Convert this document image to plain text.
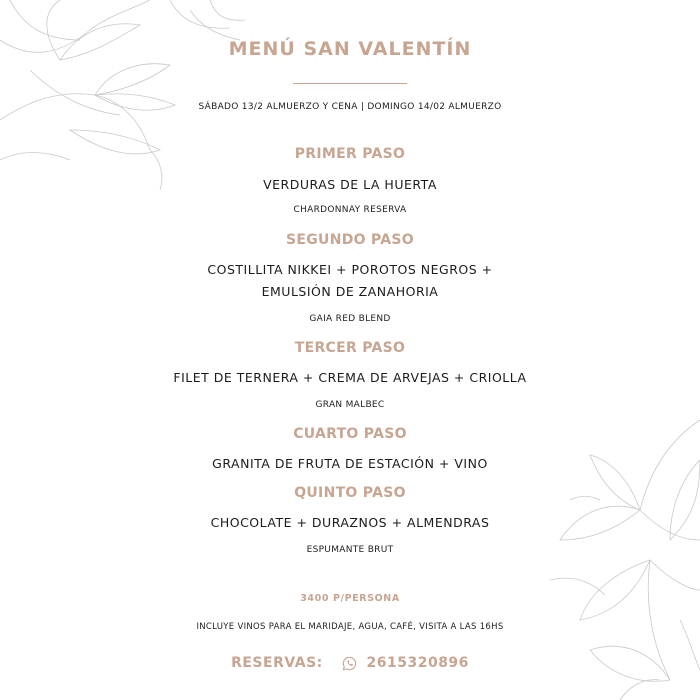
MENÚ SAN VALENTÍN
SÁBADO 13/2 ALMUERZO Y CENA | DOMINGO 14/02 ALMUERZO
PRIMER PASO
VERDURAS DE LA HUERTA
CHARDONNAY RESERVA
SEGUNDO PASO
COSTILLITA NIKKEI + POROTOS NEGROS +
EMULSIÓN DE ZANAHORIA
GAIA RED BLEND
TERCER PASO
FILET DE TERNERA + CREMA DE ARVEJAS + CRIOLLA
GRAN MALBEC
CUARTO PASO
GRANITA DE FRUTA DE ESTACIÓN + VINO
QUINTO PASO
CHOCOLATE + DURAZNOS + ALMENDRAS
ESPUMANTE BRUT
3400 P/PERSONA
INCLUYE VINOS PARA EL MARIDAJE, AGUA, CAFÉ, VISITA A LAS 16HS
RESERVAS:	2615320896
